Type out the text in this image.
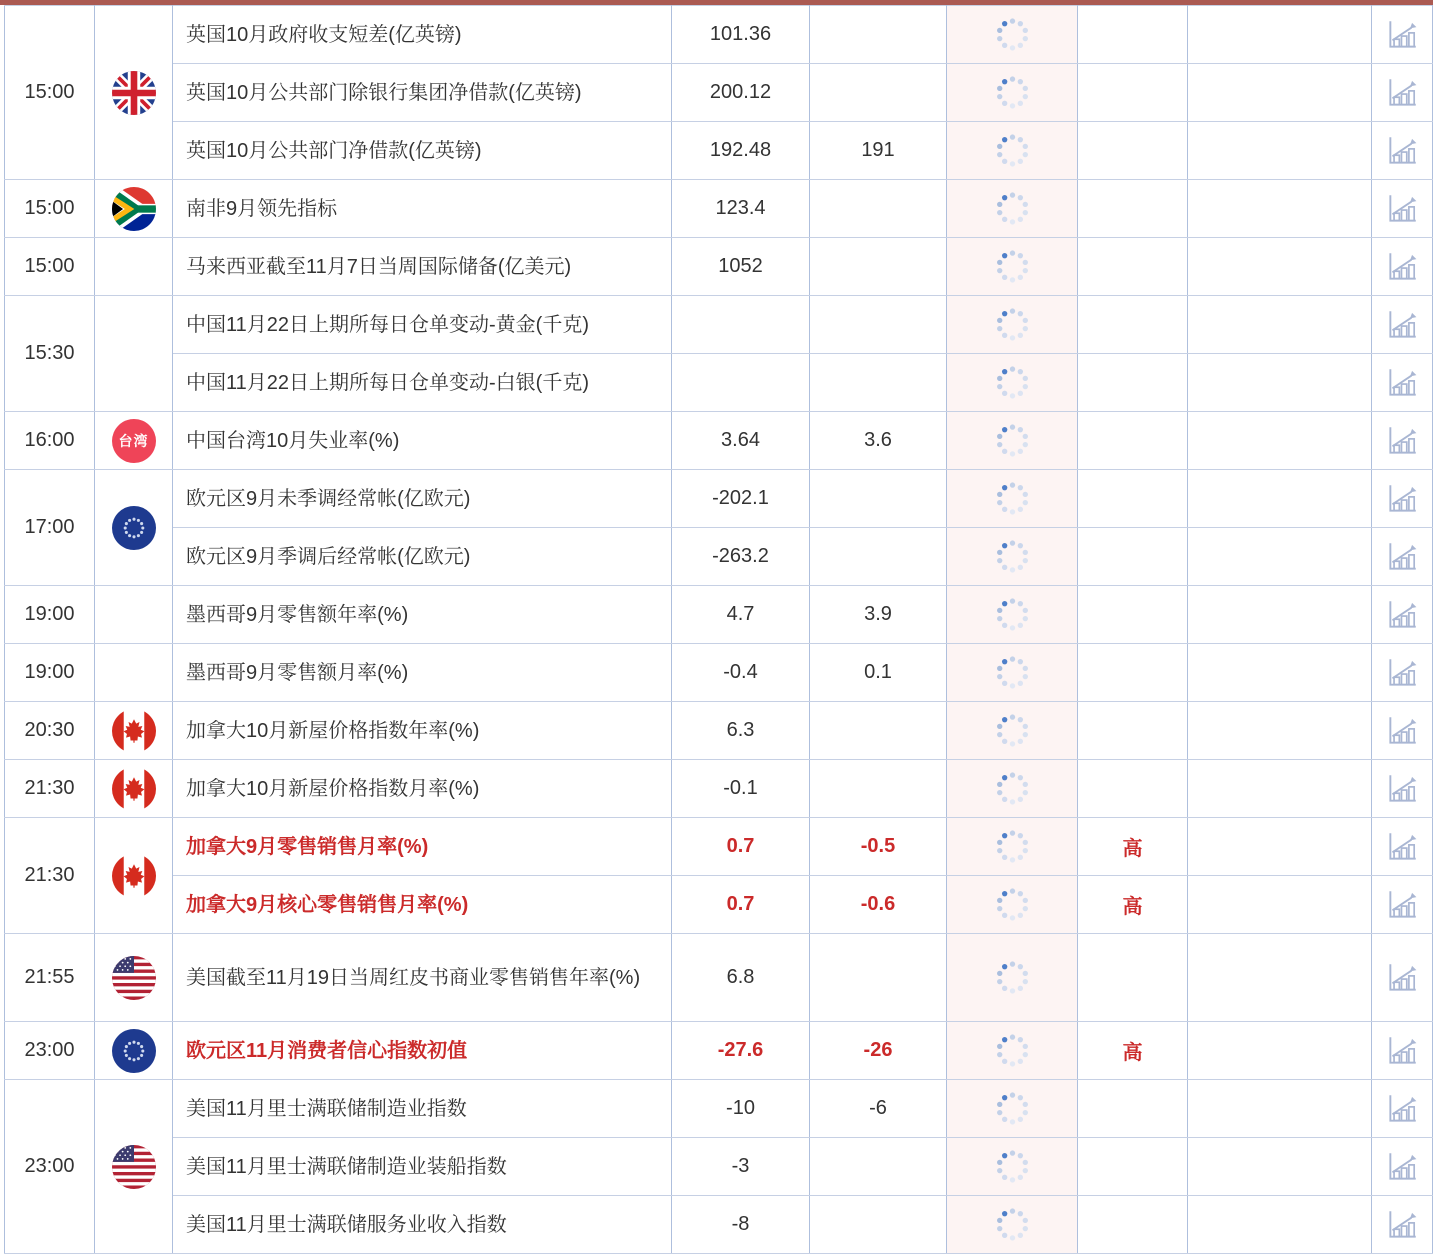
15:00		英国10月政府收支短差(亿英镑)	101.36					
		英国10月公共部门除银行集团净借款(亿英镑)	200.12					
		英国10月公共部门净借款(亿英镑)	192.48	191				
15:00		南非9月领先指标	123.4					
15:00		马来西亚截至11月7日当周国际储备(亿美元)	1052					
15:30		中国11月22日上期所每日仓单变动-黄金(千克)						
		中国11月22日上期所每日仓单变动-白银(千克)						
16:00	台湾	中国台湾10月失业率(%)	3.64	3.6				
17:00		欧元区9月未季调经常帐(亿欧元)	-202.1					
		欧元区9月季调后经常帐(亿欧元)	-263.2					
19:00		墨西哥9月零售额年率(%)	4.7	3.9				
19:00		墨西哥9月零售额月率(%)	-0.4	0.1				
20:30		加拿大10月新屋价格指数年率(%)	6.3					
21:30		加拿大10月新屋价格指数月率(%)	-0.1					
21:30		加拿大9月零售销售月率(%)	0.7	-0.5		高		
		加拿大9月核心零售销售月率(%)	0.7	-0.6		高		
21:55		美国截至11月19日当周红皮书商业零售销售年率(%)	6.8					
23:00		欧元区11月消费者信心指数初值	-27.6	-26		高		
23:00		美国11月里士满联储制造业指数	-10	-6				
		美国11月里士满联储制造业装船指数	-3					
		美国11月里士满联储服务业收入指数	-8					
